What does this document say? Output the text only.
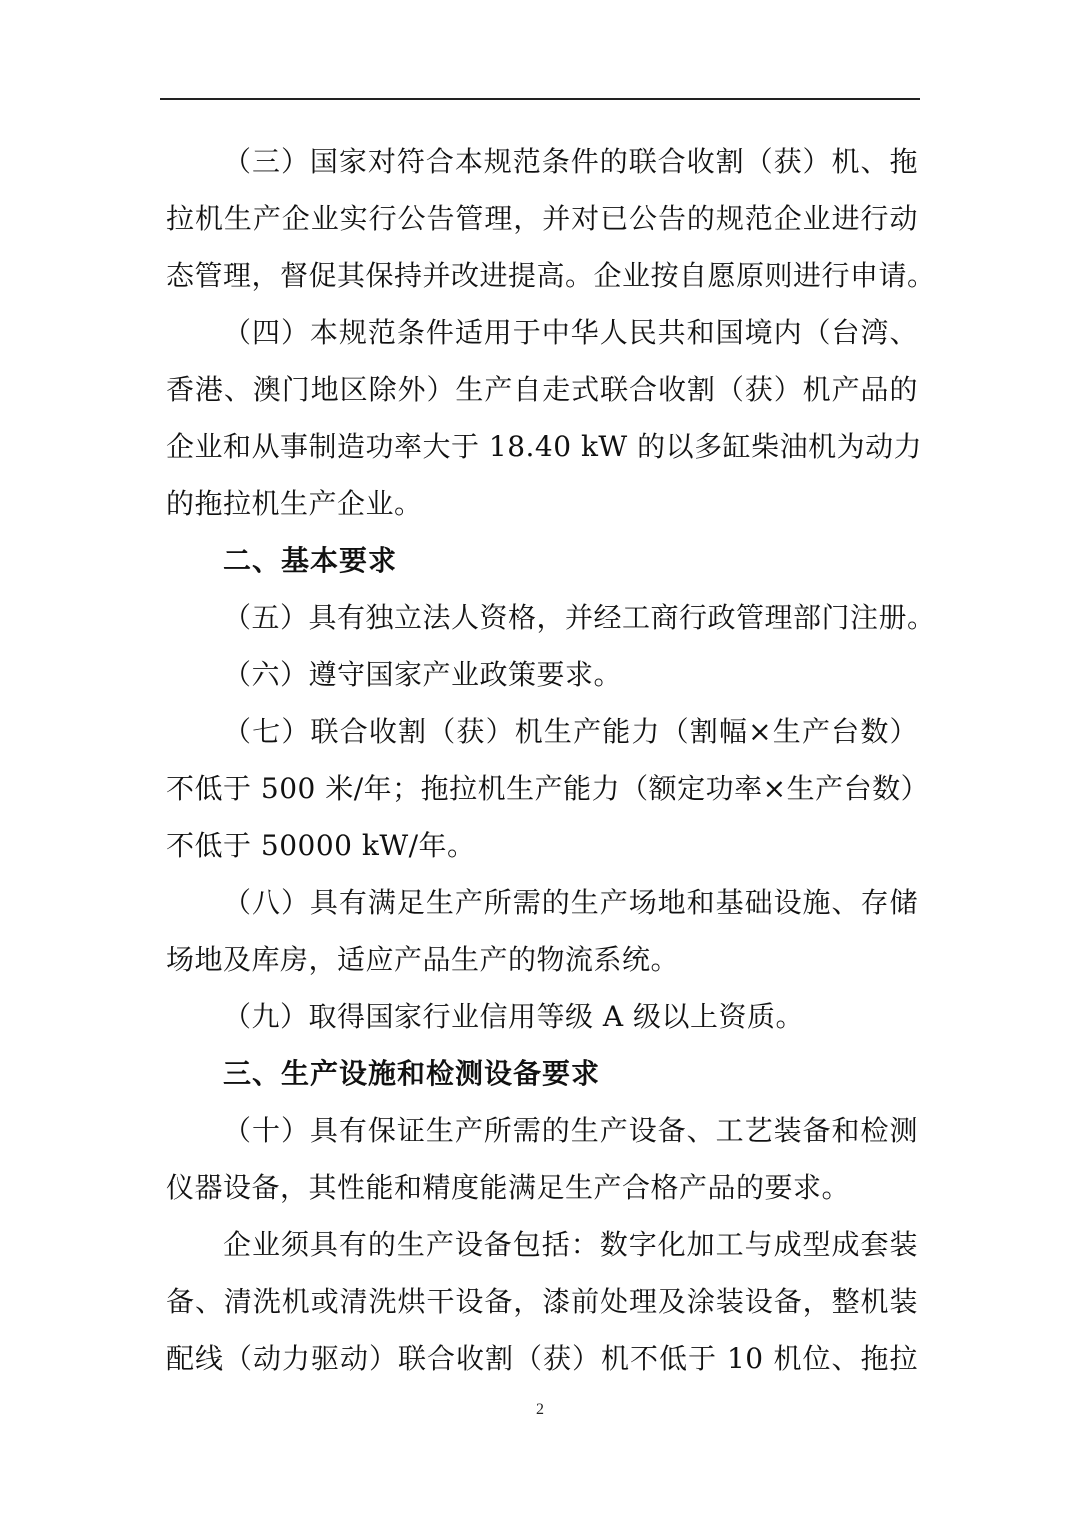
（三）国家对符合本规范条件的联合收割（获）机、拖
拉机生产企业实行公告管理，并对已公告的规范企业进行动
态管理，督促其保持并改进提高。企业按自愿原则进行申请。
（四）本规范条件适用于中华人民共和国境内（台湾、
香港、澳门地区除外）生产自走式联合收割（获）机产品的
企业和从事制造功率大于 18.40 kW 的以多缸柴油机为动力
的拖拉机生产企业。
二、基本要求
（五）具有独立法人资格，并经工商行政管理部门注册。
（六）遵守国家产业政策要求。
（七）联合收割（获）机生产能力（割幅×生产台数）
不低于 500 米/年；拖拉机生产能力（额定功率×生产台数）
不低于 50000 kW/年。
（八）具有满足生产所需的生产场地和基础设施、存储
场地及库房，适应产品生产的物流系统。
（九）取得国家行业信用等级 A 级以上资质。
三、生产设施和检测设备要求
（十）具有保证生产所需的生产设备、工艺装备和检测
仪器设备，其性能和精度能满足生产合格产品的要求。
企业须具有的生产设备包括：数字化加工与成型成套装
备、清洗机或清洗烘干设备，漆前处理及涂装设备，整机装
配线（动力驱动）联合收割（获）机不低于 10 机位、拖拉
2
